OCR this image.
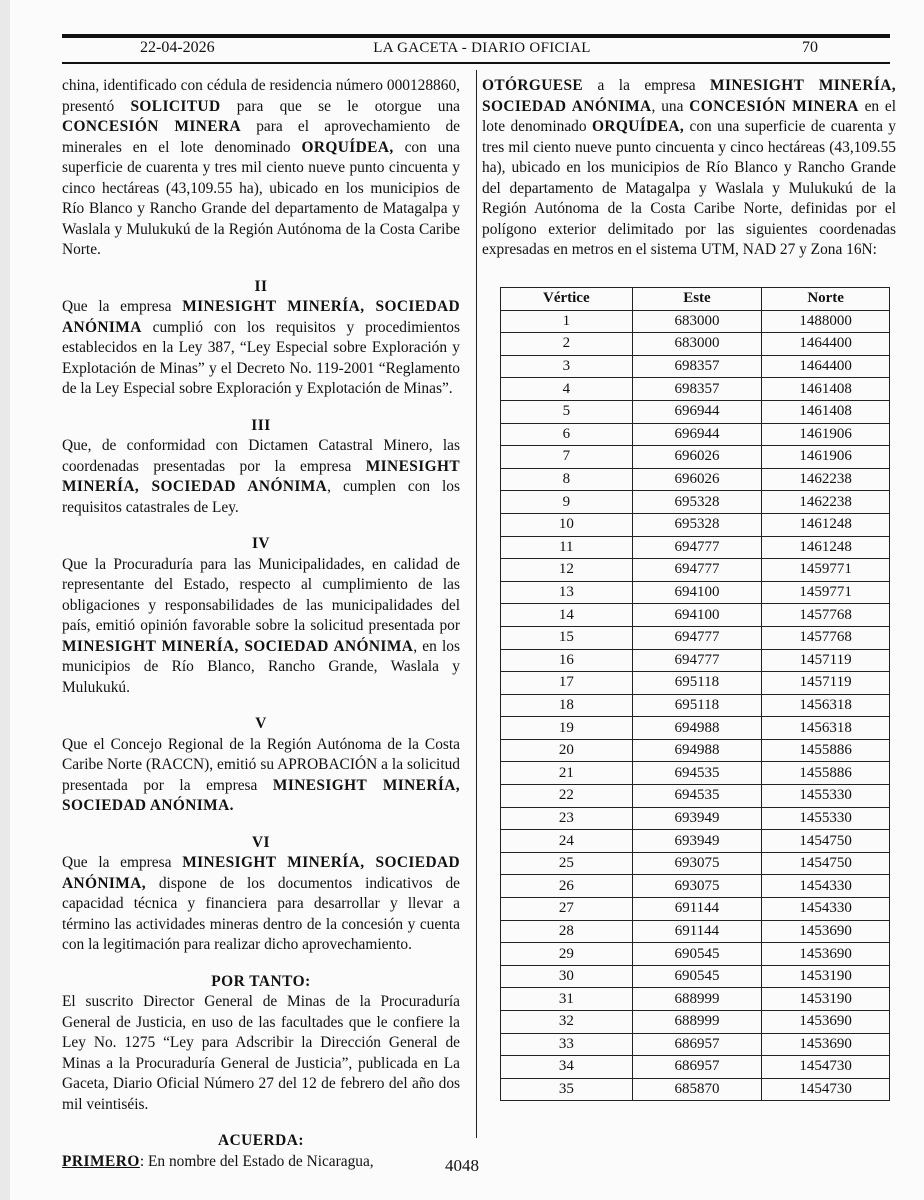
22-04-2026	LA GACETA - DIARIO OFICIAL	70

china, identificado con cédula de residencia número 000128860, presentó SOLICITUD para que se le otorgue una CONCESIÓN MINERA para el aprovechamiento de minerales en el lote denominado ORQUÍDEA, con una superficie de cuarenta y tres mil ciento nueve punto cincuenta y cinco hectáreas (43,109.55 ha), ubicado en los municipios de Río Blanco y Rancho Grande del departamento de Matagalpa y Waslala y Mulukukú de la Región Autónoma de la Costa Caribe Norte.

II

Que la empresa MINESIGHT MINERÍA, SOCIEDAD ANÓNIMA cumplió con los requisitos y procedimientos establecidos en la Ley 387, “Ley Especial sobre Exploración y Explotación de Minas” y el Decreto No. 119-2001 “Reglamento de la Ley Especial sobre Exploración y Explotación de Minas”.

III

Que, de conformidad con Dictamen Catastral Minero, las coordenadas presentadas por la empresa MINESIGHT MINERÍA, SOCIEDAD ANÓNIMA, cumplen con los requisitos catastrales de Ley.

IV

Que la Procuraduría para las Municipalidades, en calidad de representante del Estado, respecto al cumplimiento de las obligaciones y responsabilidades de las municipalidades del país, emitió opinión favorable sobre la solicitud presentada por MINESIGHT MINERÍA, SOCIEDAD ANÓNIMA, en los municipios de Río Blanco, Rancho Grande, Waslala y Mulukukú.

V

Que el Concejo Regional de la Región Autónoma de la Costa Caribe Norte (RACCN), emitió su APROBACIÓN a la solicitud presentada por la empresa MINESIGHT MINERÍA, SOCIEDAD ANÓNIMA.

VI

Que la empresa MINESIGHT MINERÍA, SOCIEDAD ANÓNIMA, dispone de los documentos indicativos de capacidad técnica y financiera para desarrollar y llevar a término las actividades mineras dentro de la concesión y cuenta con la legitimación para realizar dicho aprovechamiento.

POR TANTO:

El suscrito Director General de Minas de la Procuraduría General de Justicia, en uso de las facultades que le confiere la Ley No. 1275 “Ley para Adscribir la Dirección General de Minas a la Procuraduría General de Justicia”, publicada en La Gaceta, Diario Oficial Número 27 del 12 de febrero del año dos mil veintiséis.

ACUERDA:

PRIMERO: En nombre del Estado de Nicaragua,

OTÓRGUESE a la empresa MINESIGHT MINERÍA, SOCIEDAD ANÓNIMA, una CONCESIÓN MINERA en el lote denominado ORQUÍDEA, con una superficie de cuarenta y tres mil ciento nueve punto cincuenta y cinco hectáreas (43,109.55 ha), ubicado en los municipios de Río Blanco y Rancho Grande del departamento de Matagalpa y Waslala y Mulukukú de la Región Autónoma de la Costa Caribe Norte, definidas por el polígono exterior delimitado por las siguientes coordenadas expresadas en metros en el sistema UTM, NAD 27 y Zona 16N:

Vértice	Este	Norte
1	683000	1488000
2	683000	1464400
3	698357	1464400
4	698357	1461408
5	696944	1461408
6	696944	1461906
7	696026	1461906
8	696026	1462238
9	695328	1462238
10	695328	1461248
11	694777	1461248
12	694777	1459771
13	694100	1459771
14	694100	1457768
15	694777	1457768
16	694777	1457119
17	695118	1457119
18	695118	1456318
19	694988	1456318
20	694988	1455886
21	694535	1455886
22	694535	1455330
23	693949	1455330
24	693949	1454750
25	693075	1454750
26	693075	1454330
27	691144	1454330
28	691144	1453690
29	690545	1453690
30	690545	1453190
31	688999	1453190
32	688999	1453690
33	686957	1453690
34	686957	1454730
35	685870	1454730
4048
